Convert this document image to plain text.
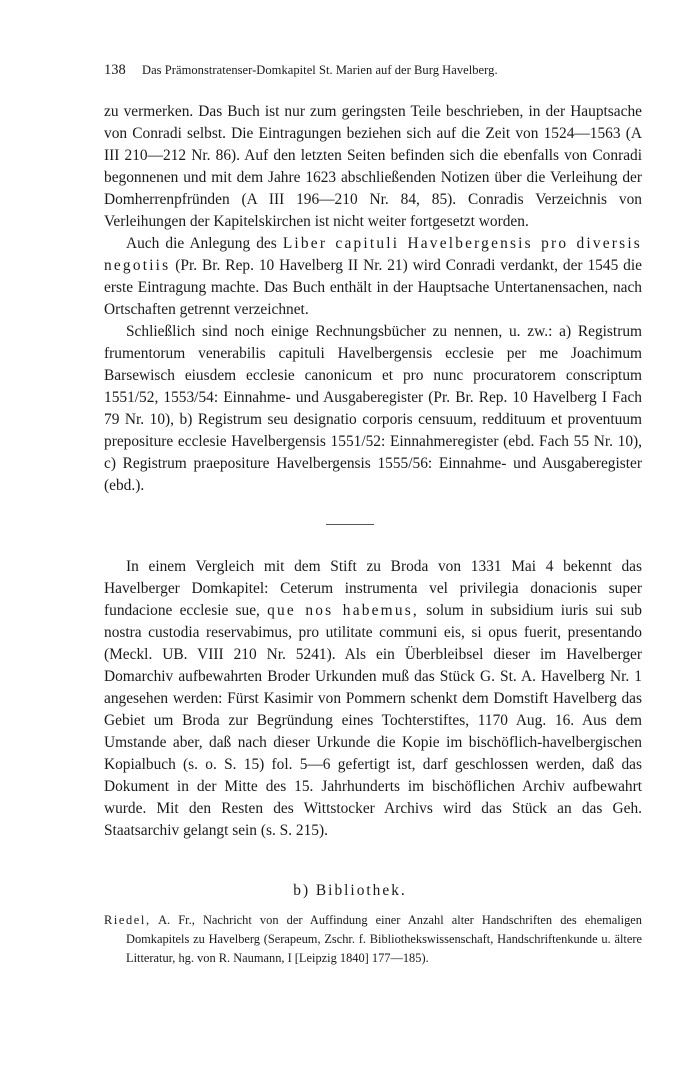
138 Das Prämonstratenser-Domkapitel St. Marien auf der Burg Havelberg.

zu vermerken. Das Buch ist nur zum geringsten Teile beschrieben, in der Hauptsache von Conradi selbst. Die Eintragungen beziehen sich auf die Zeit von 1524—1563 (A III 210—212 Nr. 86). Auf den letzten Seiten befinden sich die ebenfalls von Conradi begonnenen und mit dem Jahre 1623 abschließenden Notizen über die Verleihung der Domherrenpfründen (A III 196—210 Nr. 84, 85). Conradis Verzeichnis von Verleihungen der Kapitelskirchen ist nicht weiter fortgesetzt worden.

Auch die Anlegung des Liber capituli Havelbergensis pro diversis negotiis (Pr. Br. Rep. 10 Havelberg II Nr. 21) wird Conradi verdankt, der 1545 die erste Eintragung machte. Das Buch enthält in der Hauptsache Untertanensachen, nach Ortschaften getrennt verzeichnet.

Schließlich sind noch einige Rechnungsbücher zu nennen, u. zw.: a) Registrum frumentorum venerabilis capituli Havelbergensis ecclesie per me Joachimum Barsewisch eiusdem ecclesie canonicum et pro nunc procuratorem conscriptum 1551/52, 1553/54: Einnahme- und Ausgaberegister (Pr. Br. Rep. 10 Havelberg I Fach 79 Nr. 10), b) Registrum seu designatio corporis censuum, reddituum et proventuum prepositure ecclesie Havelbergensis 1551/52: Einnahmeregister (ebd. Fach 55 Nr. 10), c) Registrum praepositure Havelbergensis 1555/56: Einnahme- und Ausgaberegister (ebd.).

In einem Vergleich mit dem Stift zu Broda von 1331 Mai 4 bekennt das Havelberger Domkapitel: Ceterum instrumenta vel privilegia donacionis super fundacione ecclesie sue, que nos habemus, solum in subsidium iuris sui sub nostra custodia reservabimus, pro utilitate communi eis, si opus fuerit, presentando (Meckl. UB. VIII 210 Nr. 5241). Als ein Überbleibsel dieser im Havelberger Domarchiv aufbewahrten Broder Urkunden muß das Stück G. St. A. Havelberg Nr. 1 angesehen werden: Fürst Kasimir von Pommern schenkt dem Domstift Havelberg das Gebiet um Broda zur Begründung eines Tochterstiftes, 1170 Aug. 16. Aus dem Umstande aber, daß nach dieser Urkunde die Kopie im bischöflich-havelbergischen Kopialbuch (s. o. S. 15) fol. 5—6 gefertigt ist, darf geschlossen werden, daß das Dokument in der Mitte des 15. Jahrhunderts im bischöflichen Archiv aufbewahrt wurde. Mit den Resten des Wittstocker Archivs wird das Stück an das Geh. Staatsarchiv gelangt sein (s. S. 215).

b) Bibliothek.
Riedel, A. Fr., Nachricht von der Auffindung einer Anzahl alter Handschriften des ehemaligen Domkapitels zu Havelberg (Serapeum, Zschr. f. Bibliothekswissenschaft, Handschriftenkunde u. ältere Litteratur, hg. von R. Naumann, I [Leipzig 1840] 177—185).
